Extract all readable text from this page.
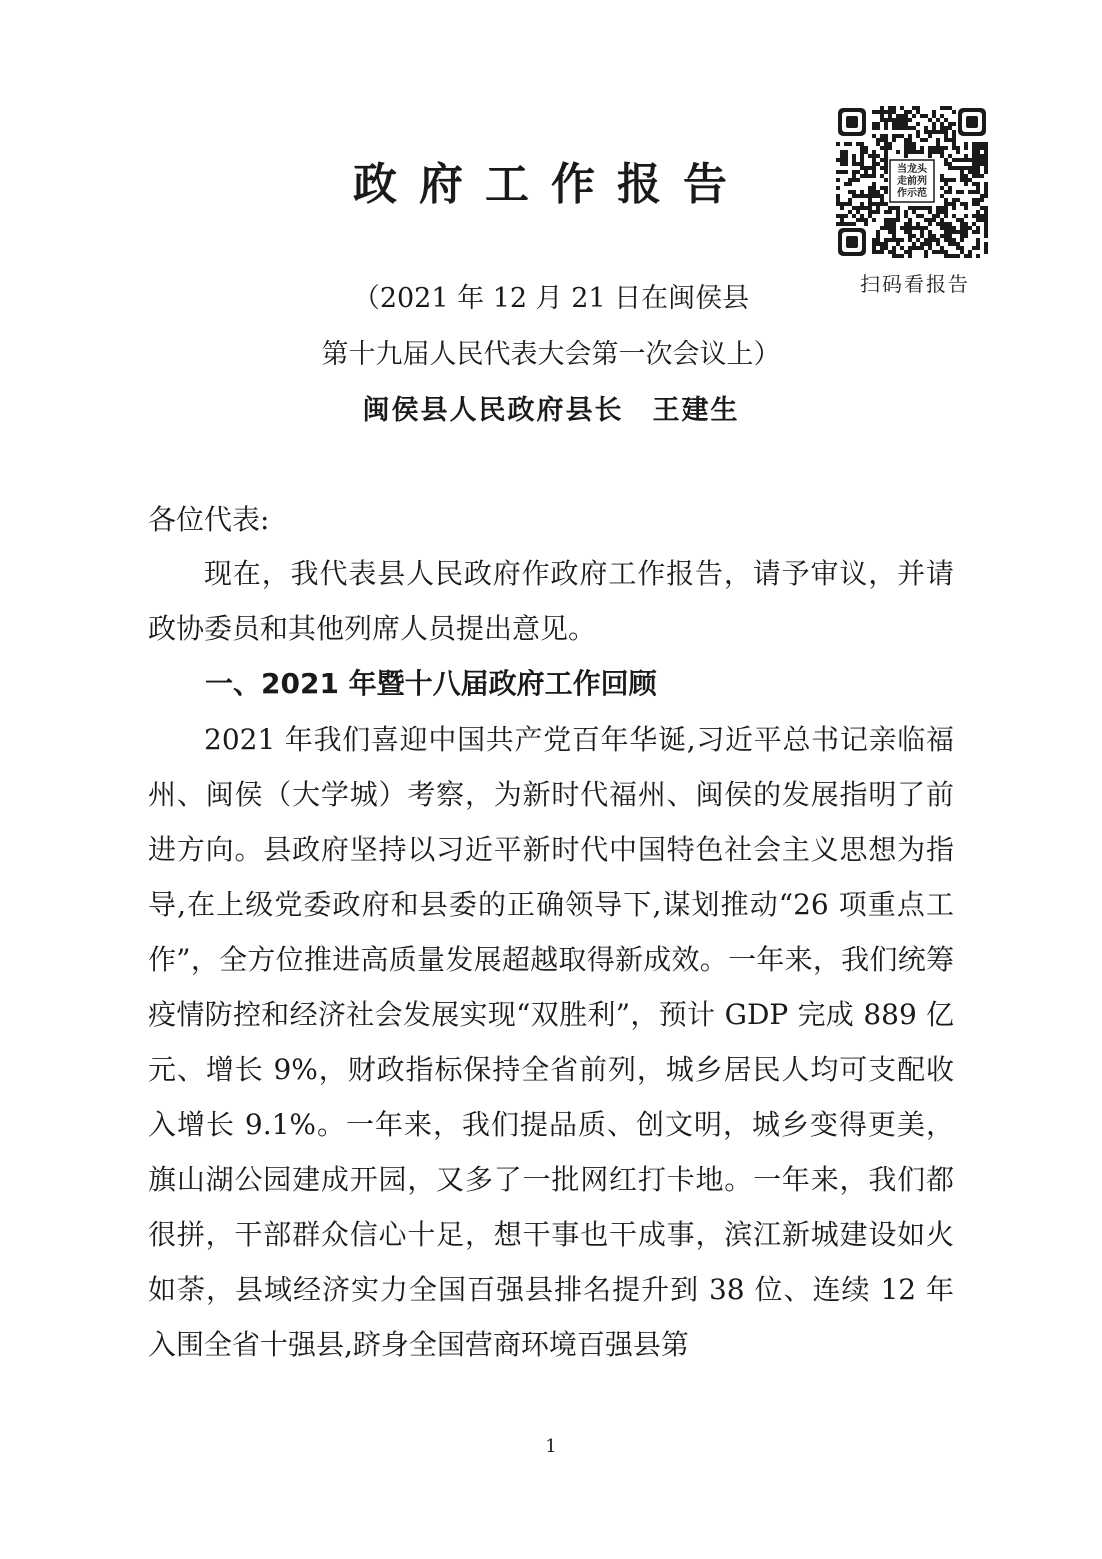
政府工作报告	当龙头
走前列
作示范
扫码看报告
（2021 年 12 月 21 日在闽侯县
第十九届人民代表大会第一次会议上）
闽侯县人民政府县长　王建生
各位代表:
现在，我代表县人民政府作政府工作报告，请予审议，并请政协委员和其他列席人员提出意见。
一、2021 年暨十八届政府工作回顾
2021 年我们喜迎中国共产党百年华诞,习近平总书记亲临福州、闽侯（大学城）考察，为新时代福州、闽侯的发展指明了前进方向。县政府坚持以习近平新时代中国特色社会主义思想为指导,在上级党委政府和县委的正确领导下,谋划推动“26 项重点工作”，全方位推进高质量发展超越取得新成效。一年来，我们统筹疫情防控和经济社会发展实现“双胜利”，预计 GDP 完成 889 亿元、增长 9%，财政指标保持全省前列，城乡居民人均可支配收入增长 9.1%。一年来，我们提品质、创文明，城乡变得更美，旗山湖公园建成开园，又多了一批网红打卡地。一年来，我们都很拼，干部群众信心十足，想干事也干成事，滨江新城建设如火如荼，县域经济实力全国百强县排名提升到 38 位、连续 12 年入围全省十强县,跻身全国营商环境百强县第
1
